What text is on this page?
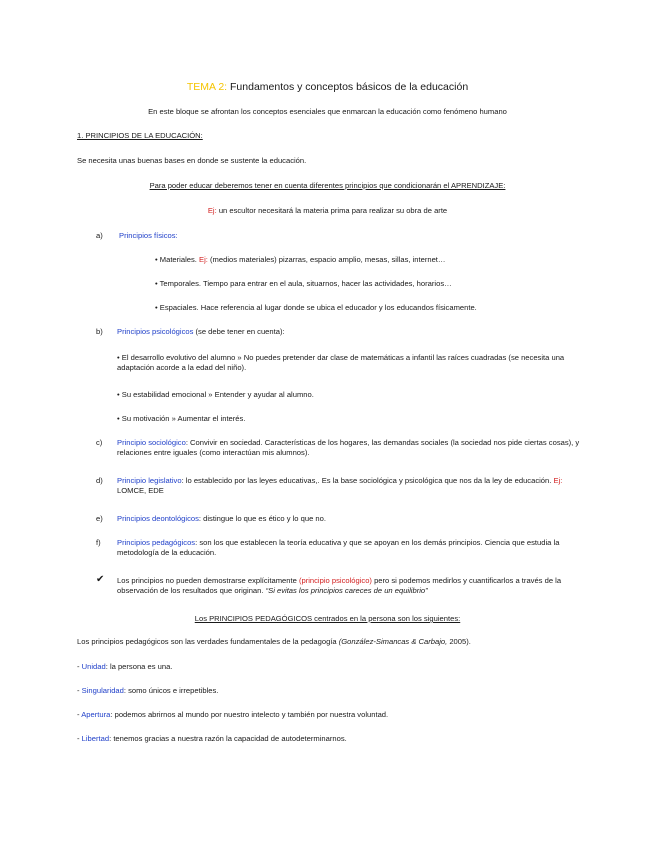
TEMA 2: Fundamentos y conceptos básicos de la educación
En este bloque se afrontan los conceptos esenciales que enmarcan la educación como fenómeno humano
1. PRINCIPIOS DE LA EDUCACIÓN:
Se necesita unas buenas bases en donde se sustente la educación.
Para poder educar deberemos tener en cuenta diferentes principios que condicionarán el APRENDIZAJE:
Ej: un escultor necesitará la materia prima para realizar su obra de arte
a) Principios físicos:
• Materiales. Ej: (medios materiales) pizarras, espacio amplio, mesas, sillas, internet…
• Temporales. Tiempo para entrar en el aula, situarnos, hacer las actividades, horarios…
• Espaciales. Hace referencia al lugar donde se ubica el educador y los educandos físicamente.
b) Principios psicológicos (se debe tener en cuenta):
• El desarrollo evolutivo del alumno » No puedes pretender dar clase de matemáticas a infantil las raíces cuadradas (se necesita una adaptación acorde a la edad del niño).
• Su estabilidad emocional » Entender y ayudar al alumno.
• Su motivación » Aumentar el interés.
c) Principio sociológico: Convivir en sociedad. Características de los hogares, las demandas sociales (la sociedad nos pide ciertas cosas), y relaciones entre iguales (como interactúan mis alumnos).
d) Principio legislativo: lo establecido por las leyes educativas,. Es la base sociológica y psicológica que nos da la ley de educación. Ej: LOMCE, EDE
e) Principios deontológicos: distingue lo que es ético y lo que no.
f) Principios pedagógicos: son los que establecen la teoría educativa y que se apoyan en los demás principios. Ciencia que estudia la metodología de la educación.
✔ Los principios no pueden demostrarse explícitamente (principio psicológico) pero si podemos medirlos y cuantificarlos a través de la observación de los resultados que originan. “Si evitas los principios careces de un equilibrio”
Los PRINCIPIOS PEDAGÓGICOS centrados en la persona son los siguientes:
Los principios pedagógicos son las verdades fundamentales de la pedagogía (González-Simancas & Carbajo, 2005).
- Unidad: la persona es una.
- Singularidad: somo únicos e irrepetibles.
- Apertura: podemos abrirnos al mundo por nuestro intelecto y también por nuestra voluntad.
- Libertad: tenemos gracias a nuestra razón la capacidad de autodeterminarnos.
